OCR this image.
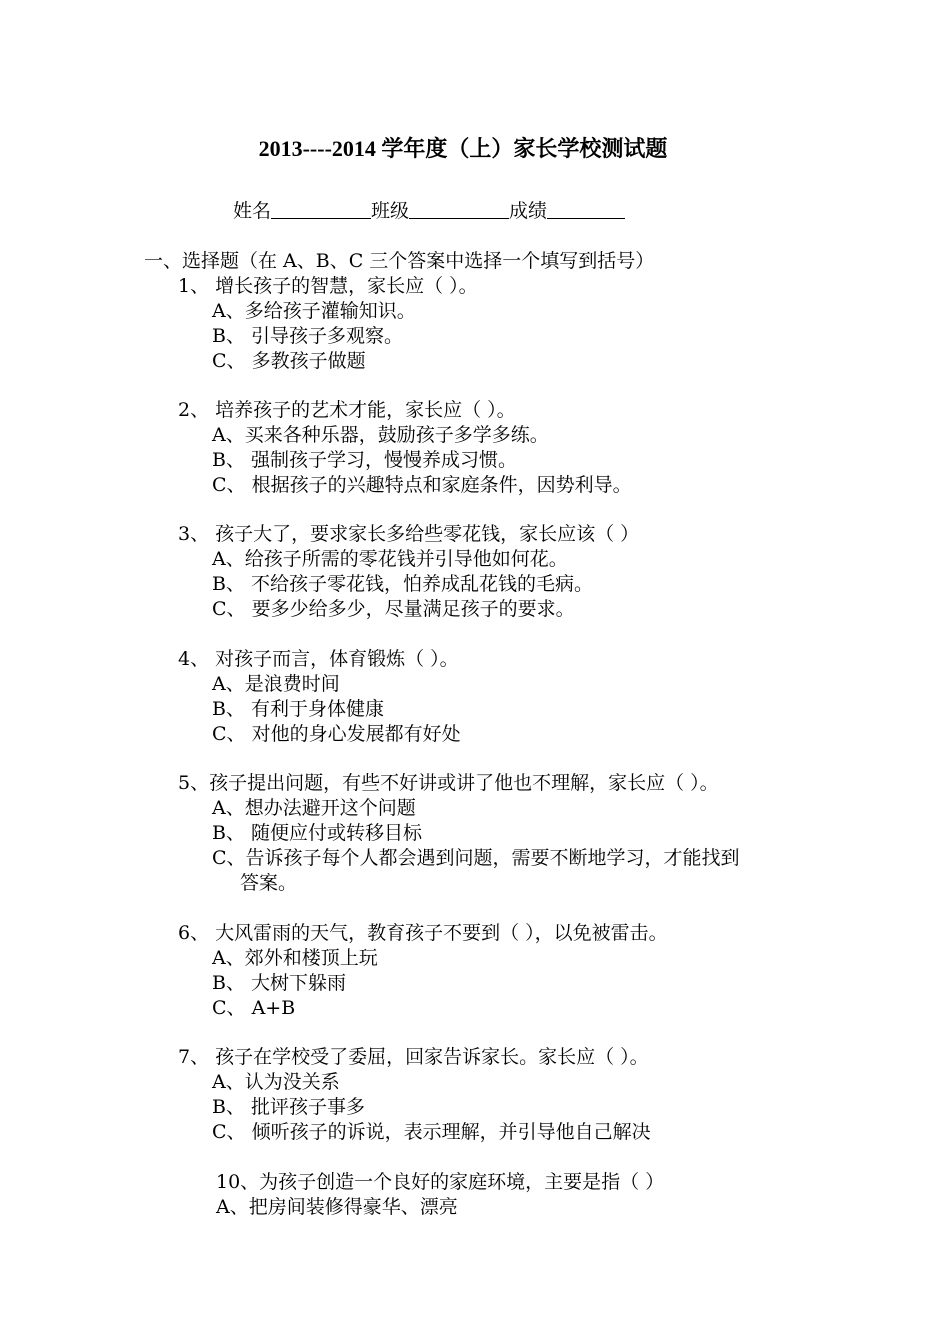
2013----2014 学年度（上）家长学校测试题
姓名	班级	成绩
一、选择题（在 A、B、C 三个答案中选择一个填写到括号）
1、 增长孩子的智慧，家长应（ ）。
A、多给孩子灌输知识。
B、 引导孩子多观察。
C、 多教孩子做题
2、 培养孩子的艺术才能，家长应（ ）。
A、买来各种乐器，鼓励孩子多学多练。
B、 强制孩子学习，慢慢养成习惯。
C、 根据孩子的兴趣特点和家庭条件，因势利导。
3、 孩子大了，要求家长多给些零花钱，家长应该（ ）
A、给孩子所需的零花钱并引导他如何花。
B、 不给孩子零花钱，怕养成乱花钱的毛病。
C、 要多少给多少，尽量满足孩子的要求。
4、 对孩子而言，体育锻炼（ ）。
A、是浪费时间
B、 有利于身体健康
C、 对他的身心发展都有好处
5、孩子提出问题，有些不好讲或讲了他也不理解，家长应（ ）。
A、想办法避开这个问题
B、 随便应付或转移目标
C、告诉孩子每个人都会遇到问题，需要不断地学习，才能找到
答案。
6、 大风雷雨的天气，教育孩子不要到（ ），以免被雷击。
A、郊外和楼顶上玩
B、 大树下躲雨
C、 A+B
7、 孩子在学校受了委屈，回家告诉家长。家长应（ ）。
A、认为没关系
B、 批评孩子事多
C、 倾听孩子的诉说，表示理解，并引导他自己解决
10、为孩子创造一个良好的家庭环境，主要是指（ ）
A、把房间装修得豪华、漂亮
